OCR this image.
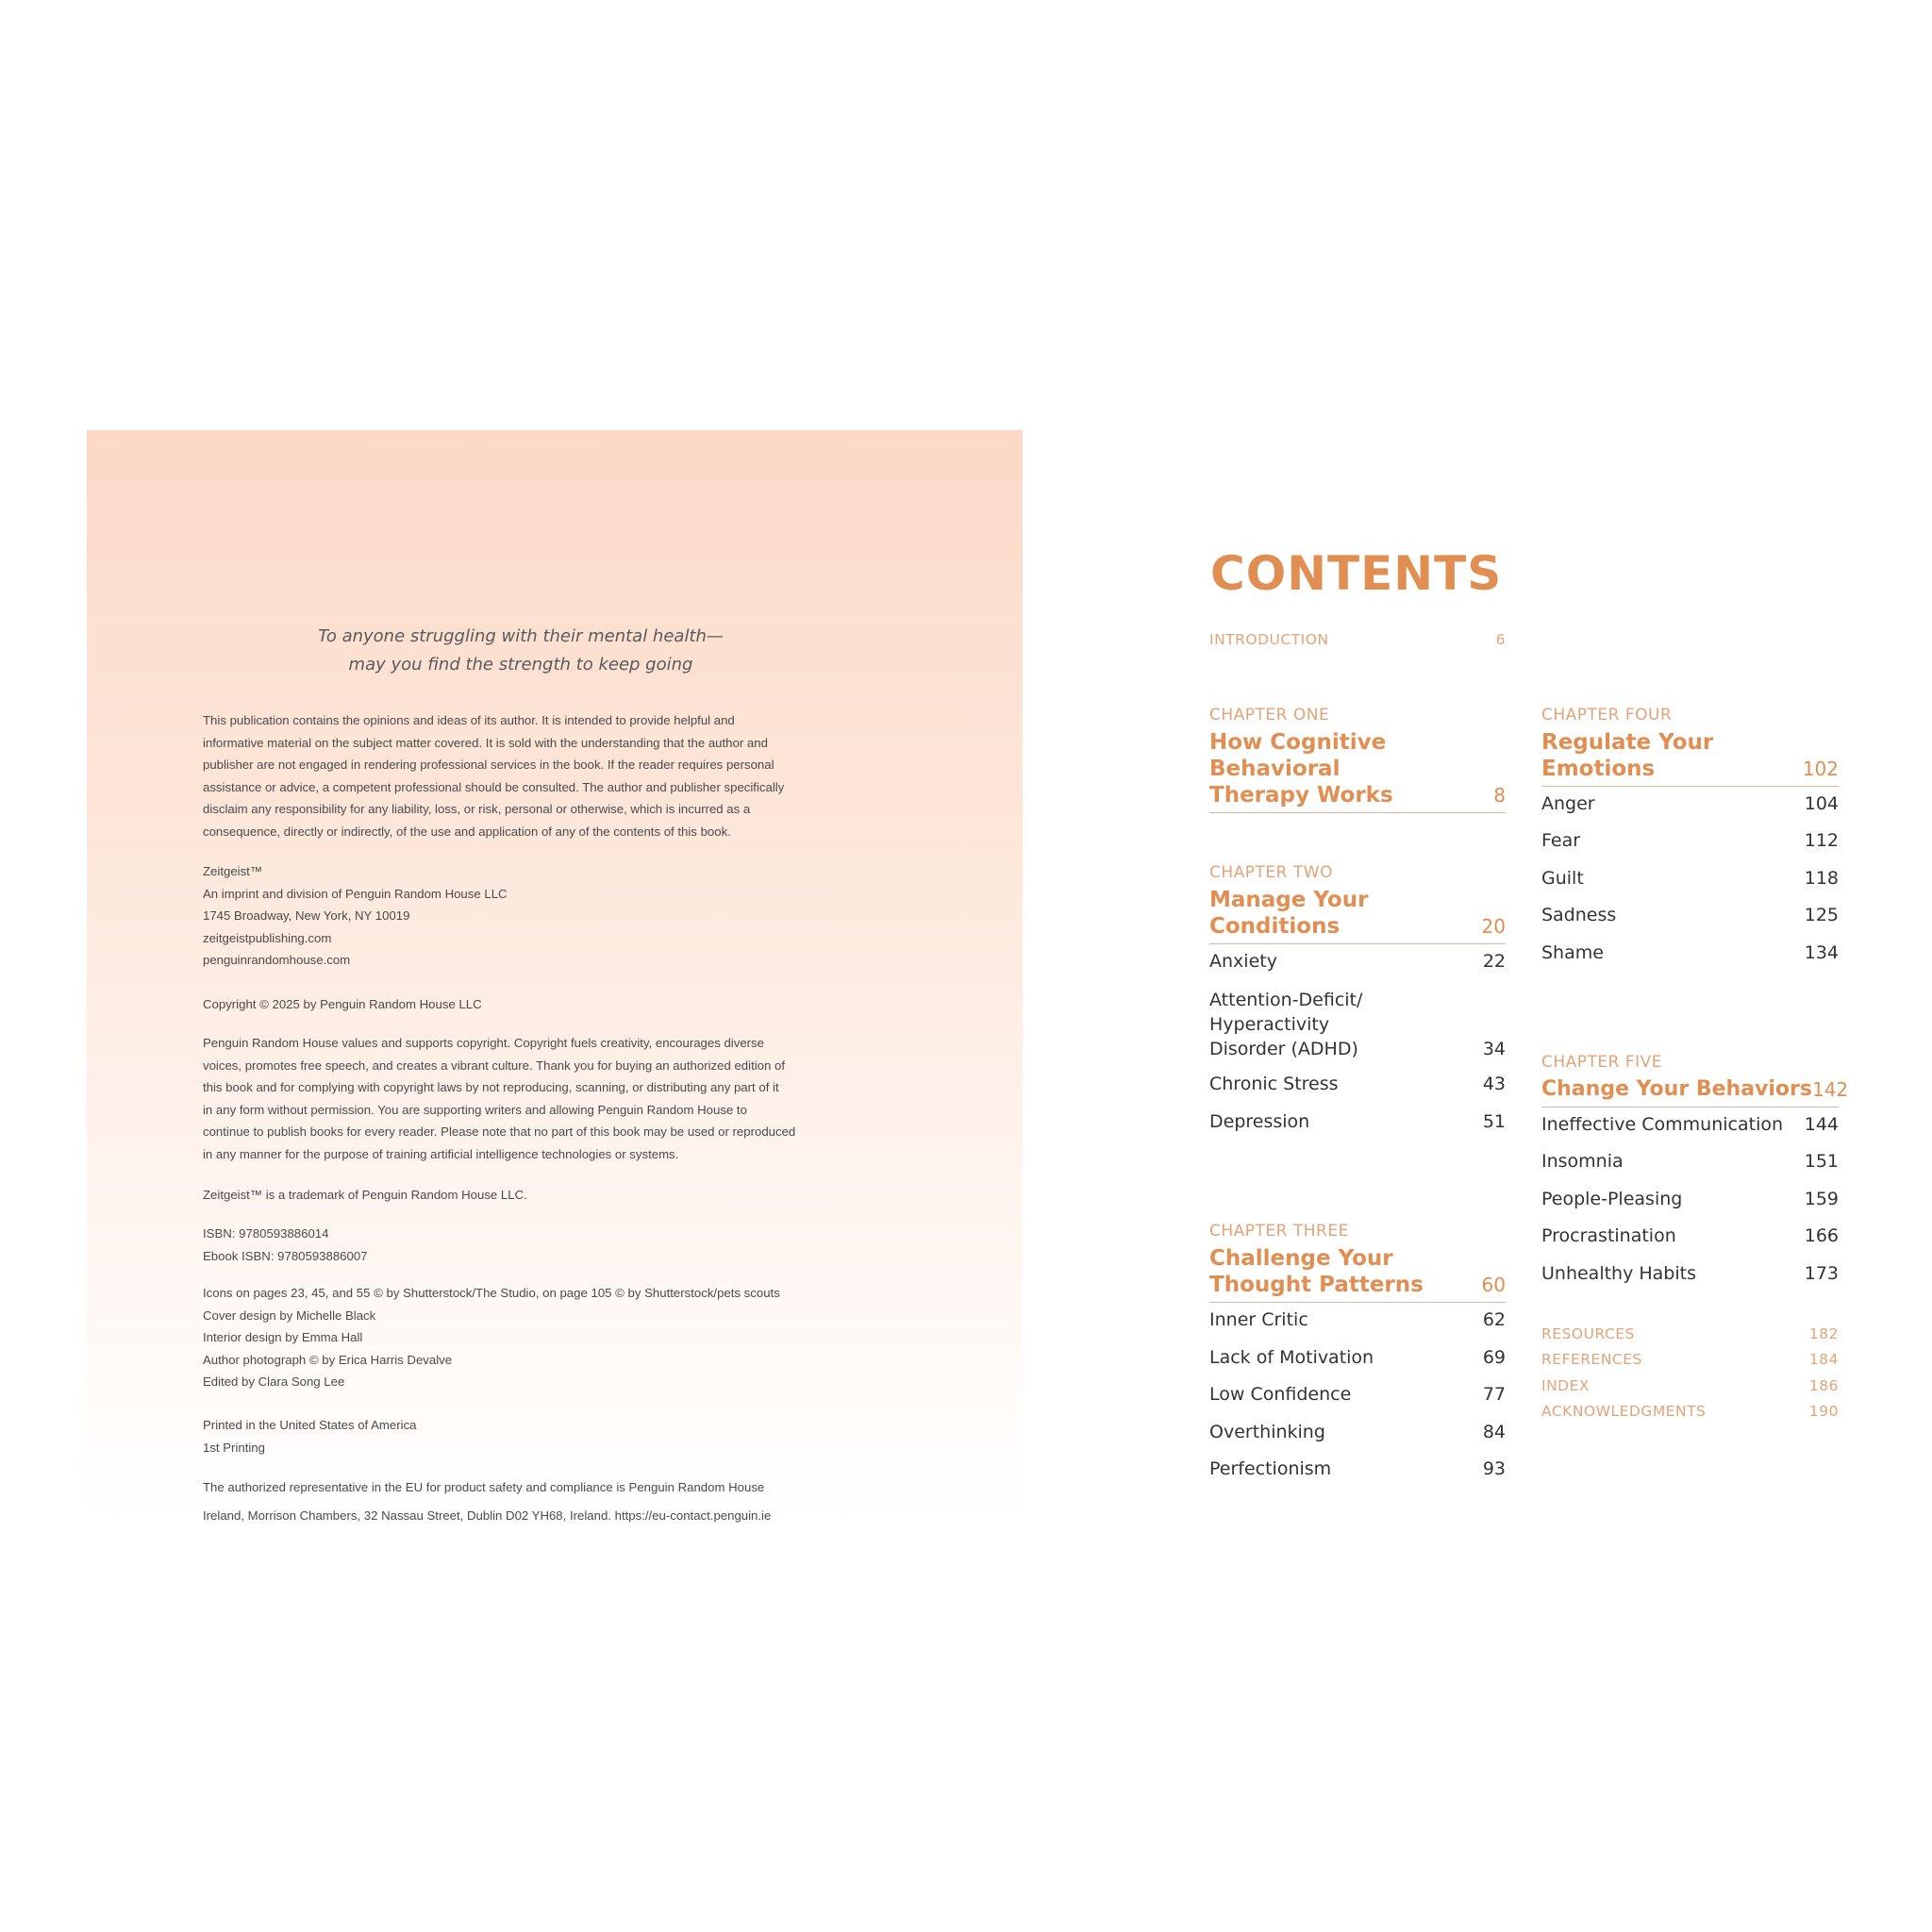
To anyone struggling with their mental health—
may you find the strength to keep going
This publication contains the opinions and ideas of its author. It is intended to provide helpful and
informative material on the subject matter covered. It is sold with the understanding that the author and
publisher are not engaged in rendering professional services in the book. If the reader requires personal
assistance or advice, a competent professional should be consulted. The author and publisher specifically
disclaim any responsibility for any liability, loss, or risk, personal or otherwise, which is incurred as a
consequence, directly or indirectly, of the use and application of any of the contents of this book.
Zeitgeist™
An imprint and division of Penguin Random House LLC
1745 Broadway, New York, NY 10019
zeitgeistpublishing.com
penguinrandomhouse.com
Copyright © 2025 by Penguin Random House LLC
Penguin Random House values and supports copyright. Copyright fuels creativity, encourages diverse
voices, promotes free speech, and creates a vibrant culture. Thank you for buying an authorized edition of
this book and for complying with copyright laws by not reproducing, scanning, or distributing any part of it
in any form without permission. You are supporting writers and allowing Penguin Random House to
continue to publish books for every reader. Please note that no part of this book may be used or reproduced
in any manner for the purpose of training artificial intelligence technologies or systems.
Zeitgeist™ is a trademark of Penguin Random House LLC.
ISBN: 9780593886014
Ebook ISBN: 9780593886007
Icons on pages 23, 45, and 55 © by Shutterstock/The Studio, on page 105 © by Shutterstock/pets scouts
Cover design by Michelle Black
Interior design by Emma Hall
Author photograph © by Erica Harris Devalve
Edited by Clara Song Lee
Printed in the United States of America
1st Printing
The authorized representative in the EU for product safety and compliance is Penguin Random House
Ireland, Morrison Chambers, 32 Nassau Street, Dublin D02 YH68, Ireland. https://eu-contact.penguin.ie
CONTENTS
INTRODUCTION	6
CHAPTER ONE
How Cognitive
Behavioral
Therapy Works	8
CHAPTER TWO
Manage Your
Conditions	20
Anxiety	22
Attention-Deficit/
Hyperactivity
Disorder (ADHD)	34
Chronic Stress	43
Depression	51
CHAPTER THREE
Challenge Your
Thought Patterns	60
Inner Critic	62
Lack of Motivation	69
Low Confidence	77
Overthinking	84
Perfectionism	93
CHAPTER FOUR
Regulate Your
Emotions	102
Anger	104
Fear	112
Guilt	118
Sadness	125
Shame	134
CHAPTER FIVE
Change Your Behaviors 142
Ineffective Communication 144
Insomnia	151
People-Pleasing	159
Procrastination	166
Unhealthy Habits	173
RESOURCES	182
REFERENCES	184
INDEX	186
ACKNOWLEDGMENTS	190
